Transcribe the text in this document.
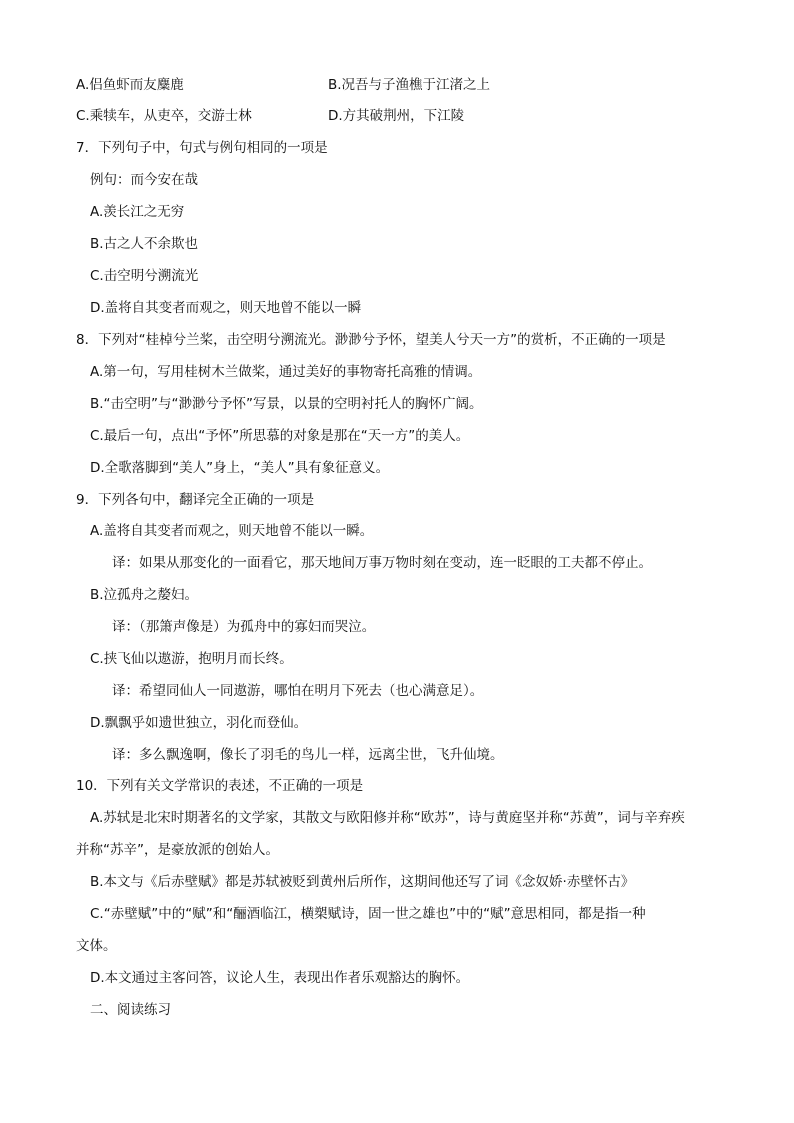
A.侣鱼虾而友麋鹿	B.况吾与子渔樵于江渚之上
C.乘犊车，从吏卒，交游士林	D.方其破荆州，下江陵
7．下列句子中，句式与例句相同的一项是
例句：而今安在哉
A.羡长江之无穷
B.古之人不余欺也
C.击空明兮溯流光
D.盖将自其变者而观之，则天地曾不能以一瞬
8．下列对“桂棹兮兰桨，击空明兮溯流光。渺渺兮予怀，望美人兮天一方”的赏析，不正确的一项是
A.第一句，写用桂树木兰做桨，通过美好的事物寄托高雅的情调。
B.“击空明”与“渺渺兮予怀”写景，以景的空明衬托人的胸怀广阔。
C.最后一句，点出“予怀”所思慕的对象是那在“天一方”的美人。
D.全歌落脚到“美人”身上，“美人”具有象征意义。
9．下列各句中，翻译完全正确的一项是
A.盖将自其变者而观之，则天地曾不能以一瞬。
译：如果从那变化的一面看它，那天地间万事万物时刻在变动，连一眨眼的工夫都不停止。
B.泣孤舟之嫠妇。
译：（那箫声像是）为孤舟中的寡妇而哭泣。
C.挟飞仙以遨游，抱明月而长终。
译：希望同仙人一同遨游，哪怕在明月下死去（也心满意足）。
D.飘飘乎如遗世独立，羽化而登仙。
译：多么飘逸啊，像长了羽毛的鸟儿一样，远离尘世，飞升仙境。
10．下列有关文学常识的表述，不正确的一项是
A.苏轼是北宋时期著名的文学家，其散文与欧阳修并称“欧苏”，诗与黄庭坚并称“苏黄”，词与辛弃疾
并称“苏辛”，是豪放派的创始人。
B.本文与《后赤壁赋》都是苏轼被贬到黄州后所作，这期间他还写了词《念奴娇·赤壁怀古》
C.“赤壁赋”中的“赋”和“酾酒临江，横槊赋诗，固一世之雄也”中的“赋”意思相同，都是指一种
文体。
D.本文通过主客问答，议论人生，表现出作者乐观豁达的胸怀。
二、阅读练习
